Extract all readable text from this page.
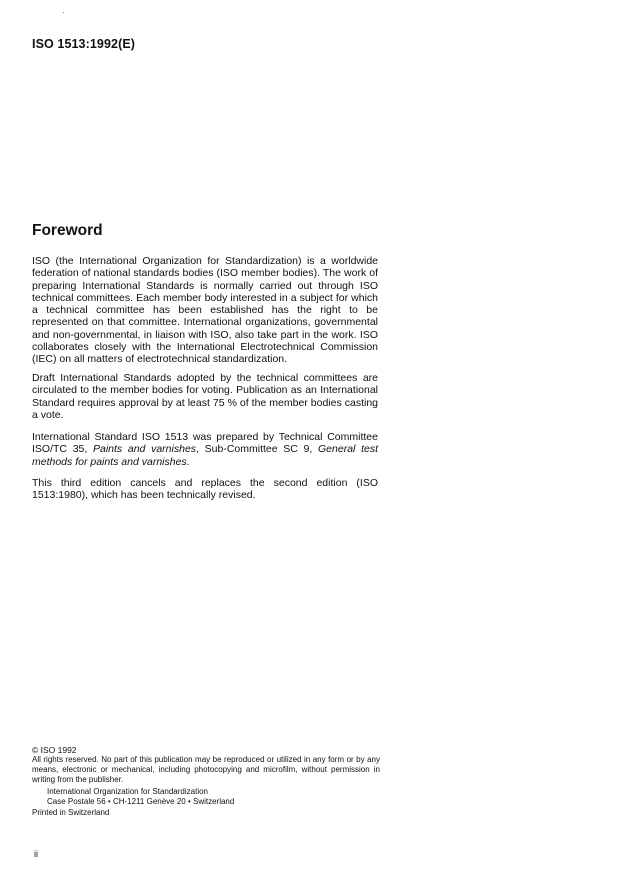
ISO 1513:1992(E)
Foreword
ISO (the International Organization for Standardization) is a worldwide federation of national standards bodies (ISO member bodies). The work of preparing International Standards is normally carried out through ISO technical committees. Each member body interested in a subject for which a technical committee has been established has the right to be represented on that committee. International organizations, governmental and non-governmental, in liaison with ISO, also take part in the work. ISO collaborates closely with the International Electrotechnical Commission (IEC) on all matters of electrotechnical standardization.
Draft International Standards adopted by the technical committees are circulated to the member bodies for voting. Publication as an International Standard requires approval by at least 75 % of the member bodies casting a vote.
International Standard ISO 1513 was prepared by Technical Committee ISO/TC 35, Paints and varnishes, Sub-Committee SC 9, General test methods for paints and varnishes.
This third edition cancels and replaces the second edition (ISO 1513:1980), which has been technically revised.
© ISO 1992
All rights reserved. No part of this publication may be reproduced or utilized in any form or by any means, electronic or mechanical, including photocopying and microfilm, without permission in writing from the publisher.
International Organization for Standardization
Case Postale 56 • CH-1211 Genève 20 • Switzerland
Printed in Switzerland
ii
